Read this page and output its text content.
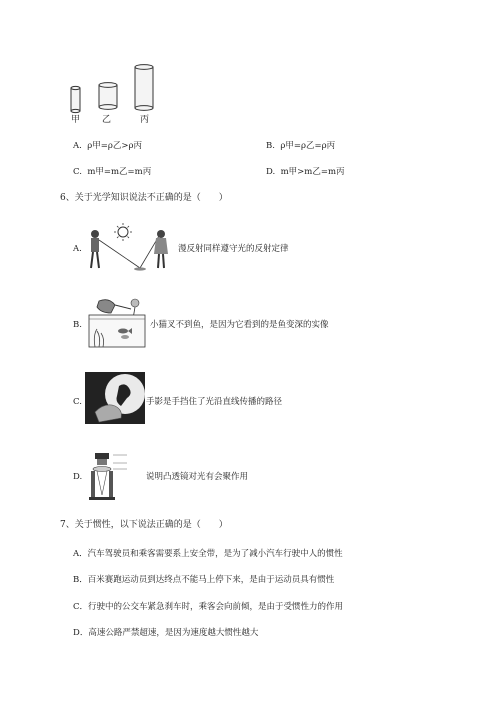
甲 乙	丙
A. ρ甲=ρ乙>ρ丙	B. ρ甲=ρ乙=ρ丙
C. m甲=m乙=m丙	D. m甲>m乙=m丙
6、关于光学知识说法不正确的是（　　）
A.	漫反射同样遵守光的反射定律
B.	小猫叉不到鱼，是因为它看到的是鱼变深的实像
C.	手影是手挡住了光沿直线传播的路径
D.	说明凸透镜对光有会聚作用
7、关于惯性，以下说法正确的是（　　）
A．汽车驾驶员和乘客需要系上安全带，是为了减小汽车行驶中人的惯性
B．百米赛跑运动员到达终点不能马上停下来，是由于运动员具有惯性
C．行驶中的公交车紧急刹车时，乘客会向前倾，是由于受惯性力的作用
D．高速公路严禁超速，是因为速度越大惯性越大
